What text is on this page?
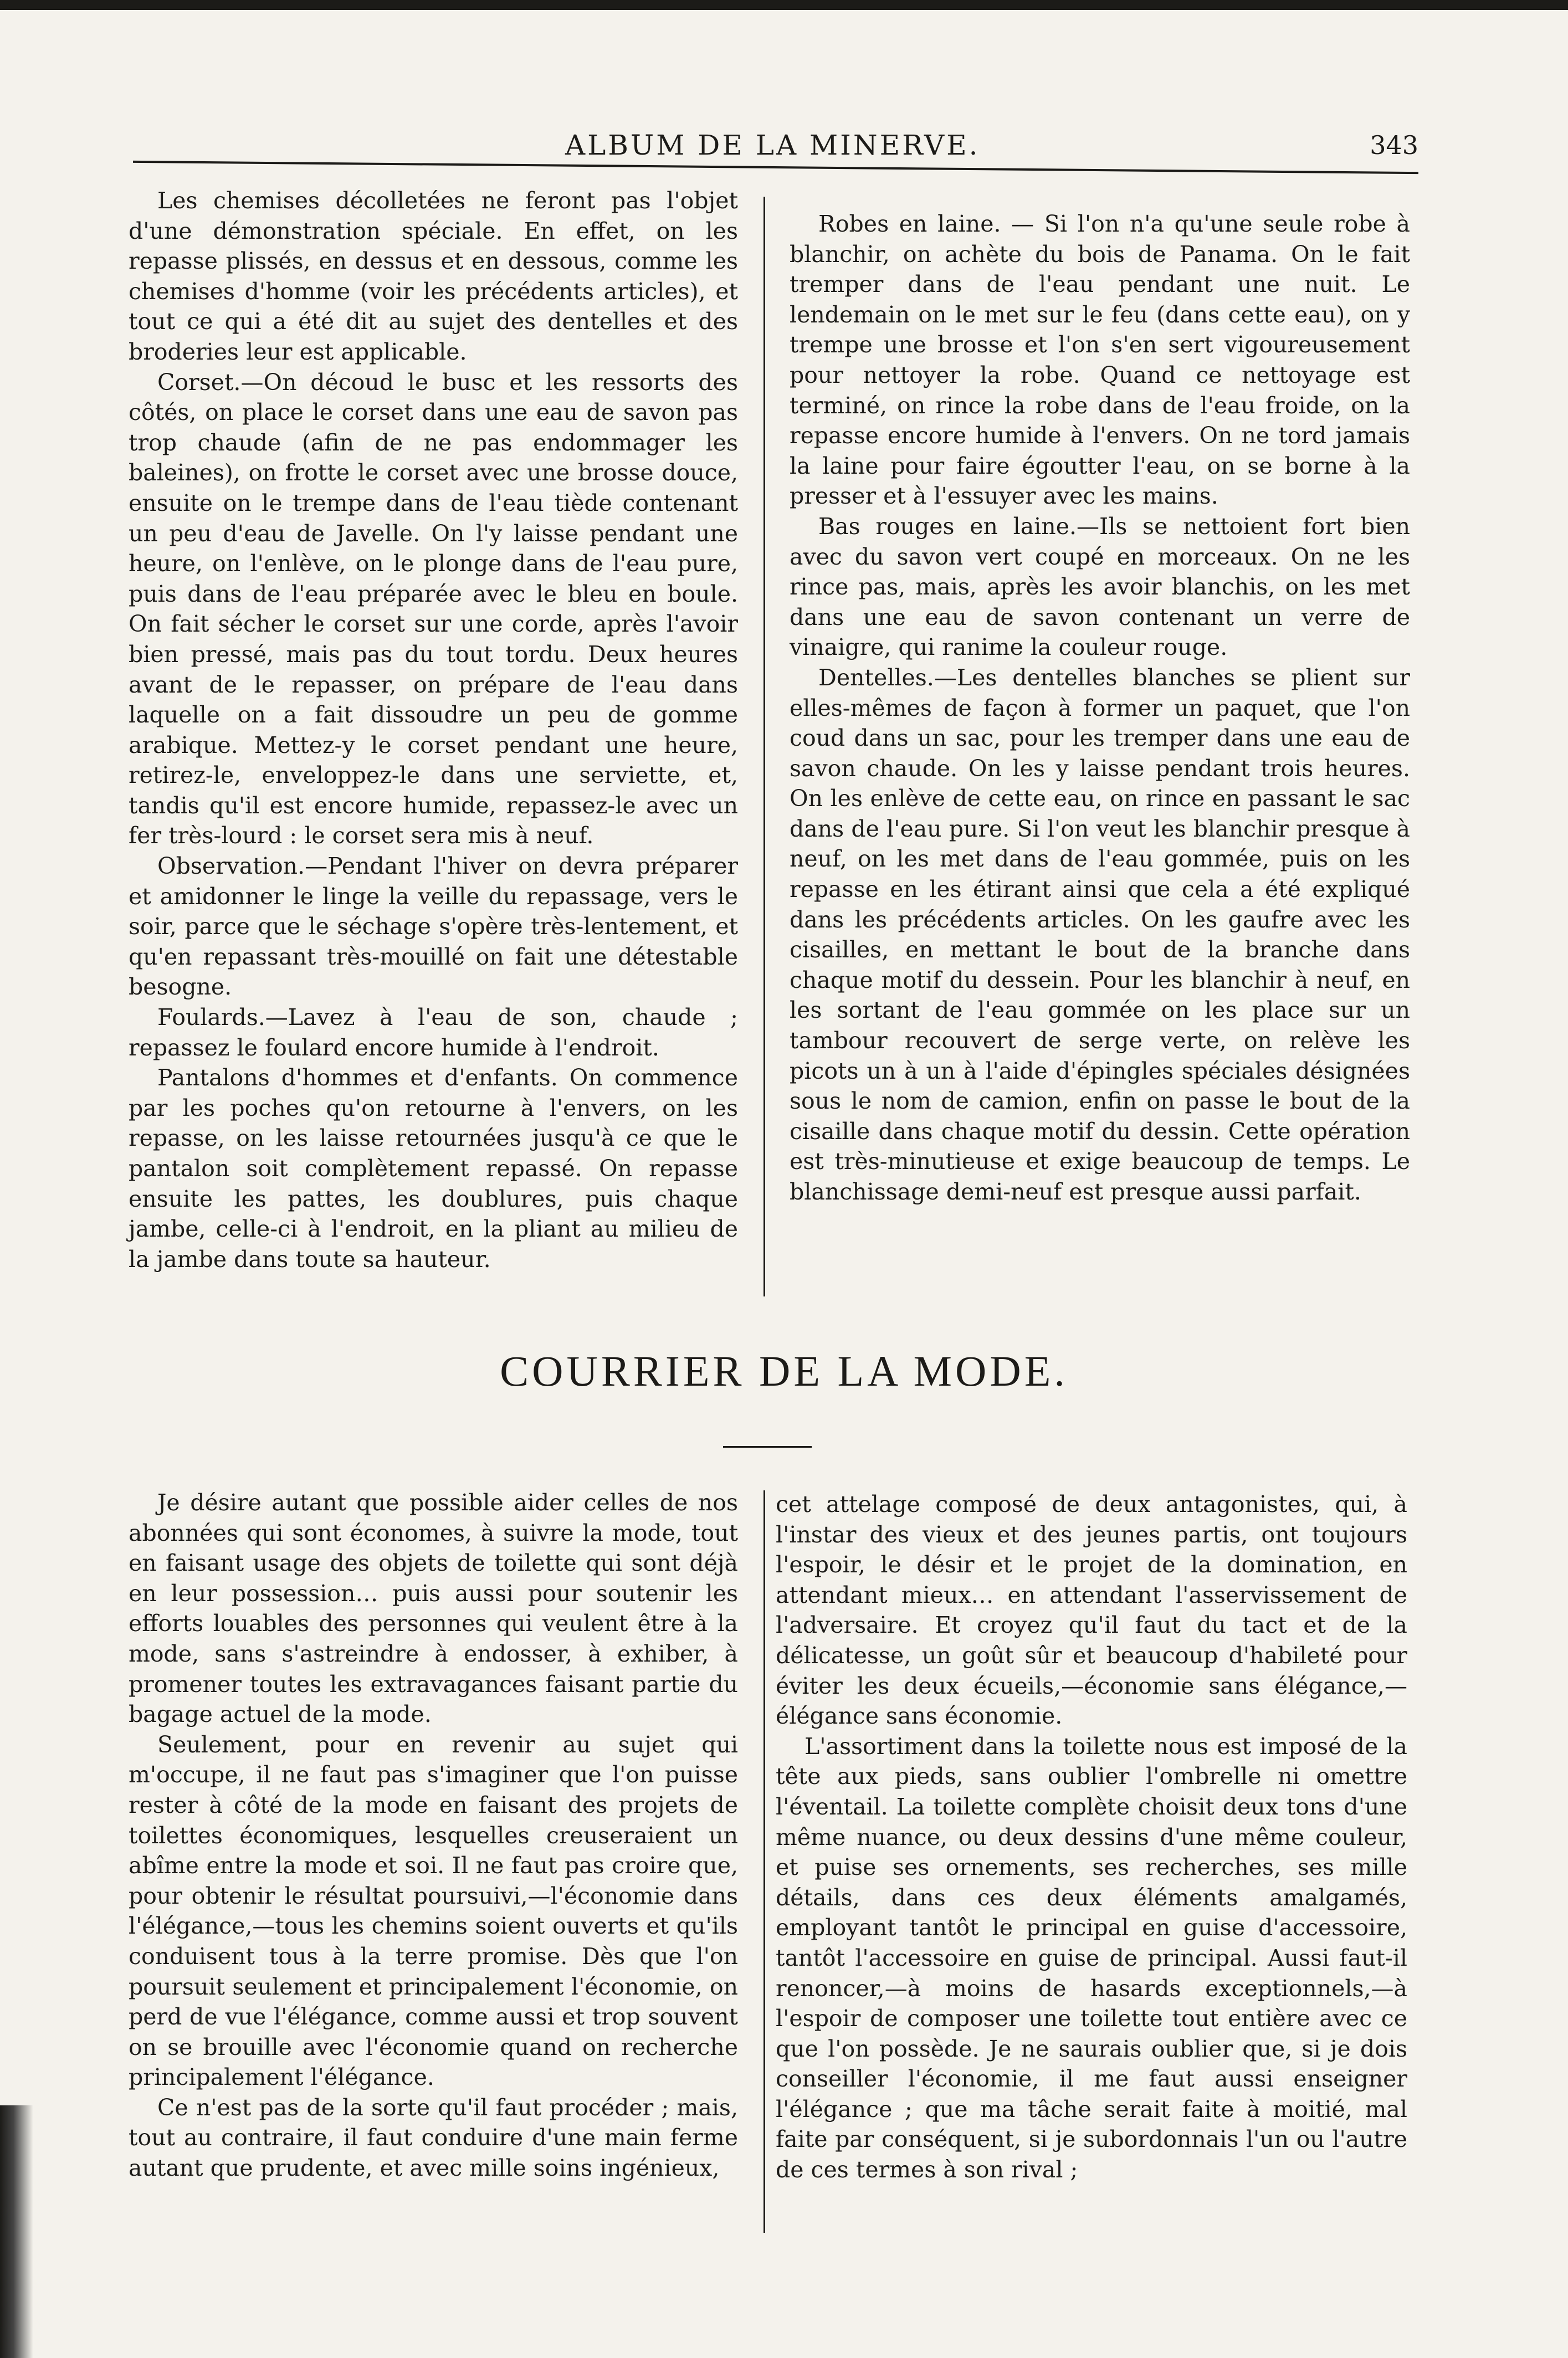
ALBUM DE LA MINERVE.	343

Les chemises décolletées ne feront pas l'objet d'une démonstration spéciale. En effet, on les repasse plissés, en dessus et en dessous, comme les chemises d'homme (voir les précédents articles), et tout ce qui a été dit au sujet des dentelles et des broderies leur est applicable.

Corset.—On découd le busc et les ressorts des côtés, on place le corset dans une eau de savon pas trop chaude (afin de ne pas endommager les baleines), on frotte le corset avec une brosse douce, ensuite on le trempe dans de l'eau tiède contenant un peu d'eau de Javelle. On l'y laisse pendant une heure, on l'enlève, on le plonge dans de l'eau pure, puis dans de l'eau préparée avec le bleu en boule. On fait sécher le corset sur une corde, après l'avoir bien pressé, mais pas du tout tordu. Deux heures avant de le repasser, on prépare de l'eau dans laquelle on a fait dissoudre un peu de gomme arabique. Mettez-y le corset pendant une heure, retirez-le, enveloppez-le dans une serviette, et, tandis qu'il est encore humide, repassez-le avec un fer très-lourd : le corset sera mis à neuf.

Observation.—Pendant l'hiver on devra préparer et amidonner le linge la veille du repassage, vers le soir, parce que le séchage s'opère très-lentement, et qu'en repassant très-mouillé on fait une détestable besogne.

Foulards.—Lavez à l'eau de son, chaude ; repassez le foulard encore humide à l'endroit.

Pantalons d'hommes et d'enfants. On commence par les poches qu'on retourne à l'envers, on les repasse, on les laisse retournées jusqu'à ce que le pantalon soit complètement repassé. On repasse ensuite les pattes, les doublures, puis chaque jambe, celle-ci à l'endroit, en la pliant au milieu de la jambe dans toute sa hauteur.

Robes en laine. — Si l'on n'a qu'une seule robe à blanchir, on achète du bois de Panama. On le fait tremper dans de l'eau pendant une nuit. Le lendemain on le met sur le feu (dans cette eau), on y trempe une brosse et l'on s'en sert vigoureusement pour nettoyer la robe. Quand ce nettoyage est terminé, on rince la robe dans de l'eau froide, on la repasse encore humide à l'envers. On ne tord jamais la laine pour faire égoutter l'eau, on se borne à la presser et à l'essuyer avec les mains.

Bas rouges en laine.—Ils se nettoient fort bien avec du savon vert coupé en morceaux. On ne les rince pas, mais, après les avoir blanchis, on les met dans une eau de savon contenant un verre de vinaigre, qui ranime la couleur rouge.

Dentelles.—Les dentelles blanches se plient sur elles-mêmes de façon à former un paquet, que l'on coud dans un sac, pour les tremper dans une eau de savon chaude. On les y laisse pendant trois heures. On les enlève de cette eau, on rince en passant le sac dans de l'eau pure. Si l'on veut les blanchir presque à neuf, on les met dans de l'eau gommée, puis on les repasse en les étirant ainsi que cela a été expliqué dans les précédents articles. On les gaufre avec les cisailles, en mettant le bout de la branche dans chaque motif du dessein. Pour les blanchir à neuf, en les sortant de l'eau gommée on les place sur un tambour recouvert de serge verte, on relève les picots un à un à l'aide d'épingles spéciales désignées sous le nom de camion, enfin on passe le bout de la cisaille dans chaque motif du dessin. Cette opération est très-minutieuse et exige beaucoup de temps. Le blanchissage demi-neuf est presque aussi parfait.

COURRIER DE LA MODE.

Je désire autant que possible aider celles de nos abonnées qui sont économes, à suivre la mode, tout en faisant usage des objets de toilette qui sont déjà en leur possession… puis aussi pour soutenir les efforts louables des personnes qui veulent être à la mode, sans s'astreindre à endosser, à exhiber, à promener toutes les extravagances faisant partie du bagage actuel de la mode.

Seulement, pour en revenir au sujet qui m'occupe, il ne faut pas s'imaginer que l'on puisse rester à côté de la mode en faisant des projets de toilettes économiques, lesquelles creuseraient un abîme entre la mode et soi. Il ne faut pas croire que, pour obtenir le résultat poursuivi,—l'économie dans l'élégance,—tous les chemins soient ouverts et qu'ils conduisent tous à la terre promise. Dès que l'on poursuit seulement et principalement l'économie, on perd de vue l'élégance, comme aussi et trop souvent on se brouille avec l'économie quand on recherche principalement l'élégance.

Ce n'est pas de la sorte qu'il faut procéder ; mais, tout au contraire, il faut conduire d'une main ferme autant que prudente, et avec mille soins ingénieux,

cet attelage composé de deux antagonistes, qui, à l'instar des vieux et des jeunes partis, ont toujours l'espoir, le désir et le projet de la domination, en attendant mieux… en attendant l'asservissement de l'adversaire. Et croyez qu'il faut du tact et de la délicatesse, un goût sûr et beaucoup d'habileté pour éviter les deux écueils,—économie sans élégance,—élégance sans économie.

L'assortiment dans la toilette nous est imposé de la tête aux pieds, sans oublier l'ombrelle ni omettre l'éventail. La toilette complète choisit deux tons d'une même nuance, ou deux dessins d'une même couleur, et puise ses ornements, ses recherches, ses mille détails, dans ces deux éléments amalgamés, employant tantôt le principal en guise d'accessoire, tantôt l'accessoire en guise de principal. Aussi faut-il renoncer,—à moins de hasards exceptionnels,—à l'espoir de composer une toilette tout entière avec ce que l'on possède. Je ne saurais oublier que, si je dois conseiller l'économie, il me faut aussi enseigner l'élégance ; que ma tâche serait faite à moitié, mal faite par conséquent, si je subordonnais l'un ou l'autre de ces termes à son rival ;
